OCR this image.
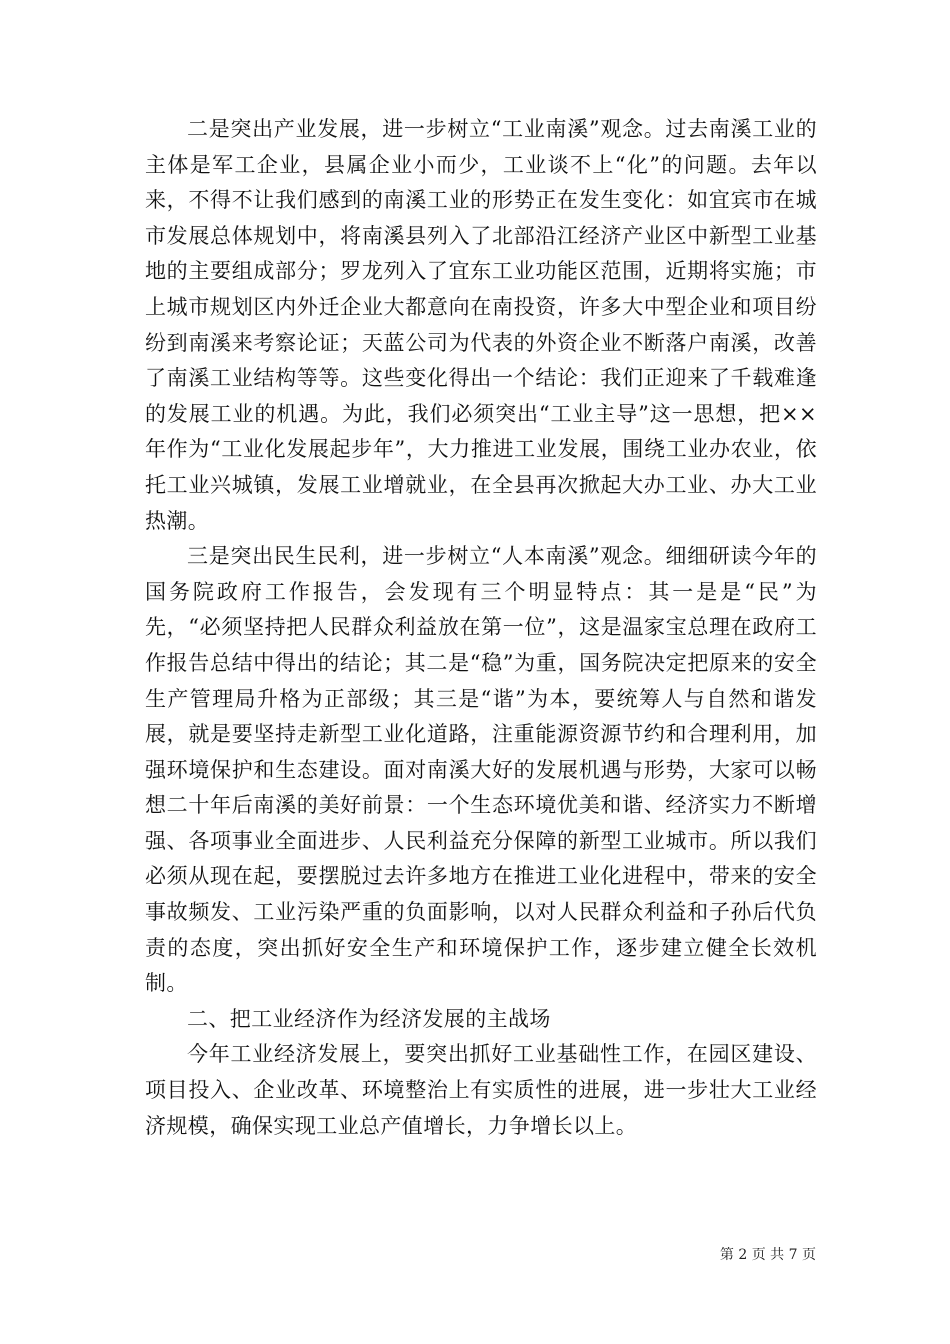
二是突出产业发展，进一步树立“工业南溪”观念。过去南溪工业的主体是军工企业，县属企业小而少，工业谈不上“化”的问题。去年以来，不得不让我们感到的南溪工业的形势正在发生变化：如宜宾市在城市发展总体规划中，将南溪县列入了北部沿江经济产业区中新型工业基地的主要组成部分；罗龙列入了宜东工业功能区范围，近期将实施；市上城市规划区内外迁企业大都意向在南投资，许多大中型企业和项目纷纷到南溪来考察论证；天蓝公司为代表的外资企业不断落户南溪，改善了南溪工业结构等等。这些变化得出一个结论：我们正迎来了千载难逢的发展工业的机遇。为此，我们必须突出“工业主导”这一思想，把××年作为“工业化发展起步年”，大力推进工业发展，围绕工业办农业，依托工业兴城镇，发展工业增就业，在全县再次掀起大办工业、办大工业热潮。

三是突出民生民利，进一步树立“人本南溪”观念。细细研读今年的国务院政府工作报告，会发现有三个明显特点：其一是是“民”为先，“必须坚持把人民群众利益放在第一位”，这是温家宝总理在政府工作报告总结中得出的结论；其二是“稳”为重，国务院决定把原来的安全生产管理局升格为正部级；其三是“谐”为本，要统筹人与自然和谐发展，就是要坚持走新型工业化道路，注重能源资源节约和合理利用，加强环境保护和生态建设。面对南溪大好的发展机遇与形势，大家可以畅想二十年后南溪的美好前景：一个生态环境优美和谐、经济实力不断增强、各项事业全面进步、人民利益充分保障的新型工业城市。所以我们必须从现在起，要摆脱过去许多地方在推进工业化进程中，带来的安全事故频发、工业污染严重的负面影响，以对人民群众利益和子孙后代负责的态度，突出抓好安全生产和环境保护工作，逐步建立健全长效机制。

二、把工业经济作为经济发展的主战场

今年工业经济发展上，要突出抓好工业基础性工作，在园区建设、项目投入、企业改革、环境整治上有实质性的进展，进一步壮大工业经济规模，确保实现工业总产值增长，力争增长以上。

第 2 页 共 7 页
